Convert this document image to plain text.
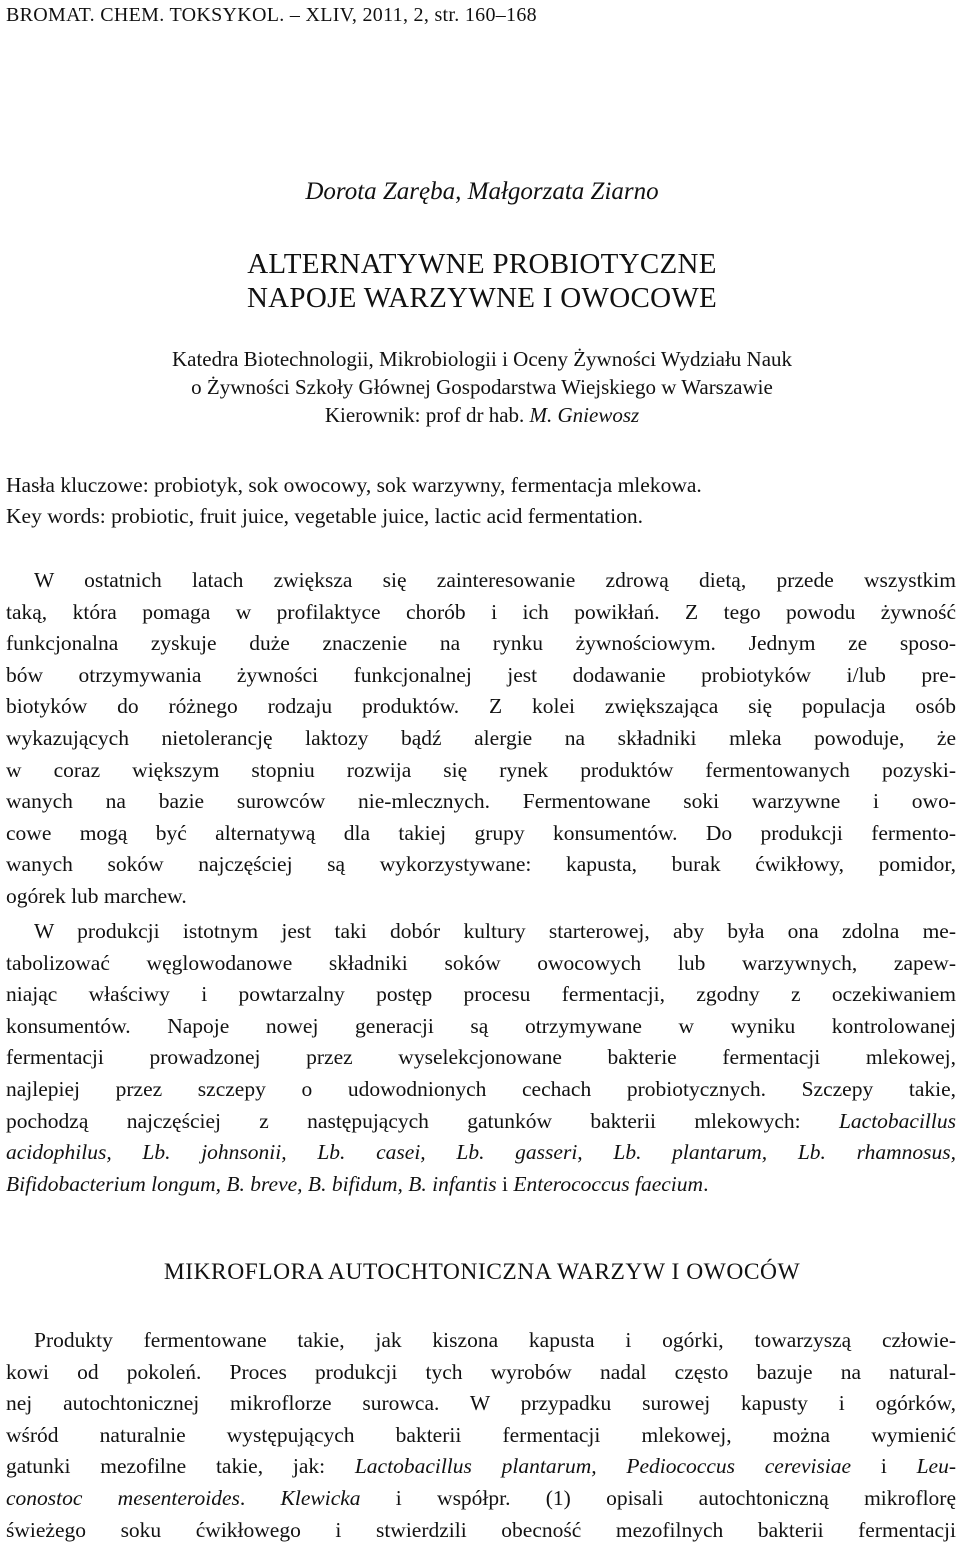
BROMAT. CHEM. TOKSYKOL. – XLIV, 2011, 2, str. 160–168
Dorota Zaręba, Małgorzata Ziarno
ALTERNATYWNE PROBIOTYCZNE
NAPOJE WARZYWNE I OWOCOWE
Katedra Biotechnologii, Mikrobiologii i Oceny Żywności Wydziału Nauk
o Żywności Szkoły Głównej Gospodarstwa Wiejskiego w Warszawie
Kierownik: prof dr hab. M. Gniewosz
Hasła kluczowe: probiotyk, sok owocowy, sok warzywny, fermentacja mlekowa.
Key words: probiotic, fruit juice, vegetable juice, lactic acid fermentation.
W ostatnich latach zwiększa się zainteresowanie zdrową dietą, przede wszystkim
taką, która pomaga w profilaktyce chorób i ich powikłań. Z tego powodu żywność
funkcjonalna zyskuje duże znaczenie na rynku żywnościowym. Jednym ze sposo-
bów otrzymywania żywności funkcjonalnej jest dodawanie probiotyków i/lub pre-
biotyków do różnego rodzaju produktów. Z kolei zwiększająca się populacja osób
wykazujących nietolerancję laktozy bądź alergie na składniki mleka powoduje, że
w coraz większym stopniu rozwija się rynek produktów fermentowanych pozyski-
wanych na bazie surowców nie-mlecznych. Fermentowane soki warzywne i owo-
cowe mogą być alternatywą dla takiej grupy konsumentów. Do produkcji fermento-
wanych soków najczęściej są wykorzystywane: kapusta, burak ćwikłowy, pomidor,
ogórek lub marchew.
W produkcji istotnym jest taki dobór kultury starterowej, aby była ona zdolna me-
tabolizować węglowodanowe składniki soków owocowych lub warzywnych, zapew-
niając właściwy i powtarzalny postęp procesu fermentacji, zgodny z oczekiwaniem
konsumentów. Napoje nowej generacji są otrzymywane w wyniku kontrolowanej
fermentacji prowadzonej przez wyselekcjonowane bakterie fermentacji mlekowej,
najlepiej przez szczepy o udowodnionych cechach probiotycznych. Szczepy takie,
pochodzą najczęściej z następujących gatunków bakterii mlekowych: Lactobacillus
acidophilus, Lb. johnsonii, Lb. casei, Lb. gasseri, Lb. plantarum, Lb. rhamnosus,
Bifidobacterium longum, B. breve, B. bifidum, B. infantis i Enterococcus faecium.
MIKROFLORA AUTOCHTONICZNA WARZYW I OWOCÓW
Produkty fermentowane takie, jak kiszona kapusta i ogórki, towarzyszą człowie-
kowi od pokoleń. Proces produkcji tych wyrobów nadal często bazuje na natural-
nej autochtonicznej mikroflorze surowca. W przypadku surowej kapusty i ogórków,
wśród naturalnie występujących bakterii fermentacji mlekowej, można wymienić
gatunki mezofilne takie, jak: Lactobacillus plantarum, Pediococcus cerevisiae i Leu-
conostoc mesenteroides. Klewicka i współpr. (1) opisali autochtoniczną mikroflorę
świeżego soku ćwikłowego i stwierdzili obecność mezofilnych bakterii fermentacji
